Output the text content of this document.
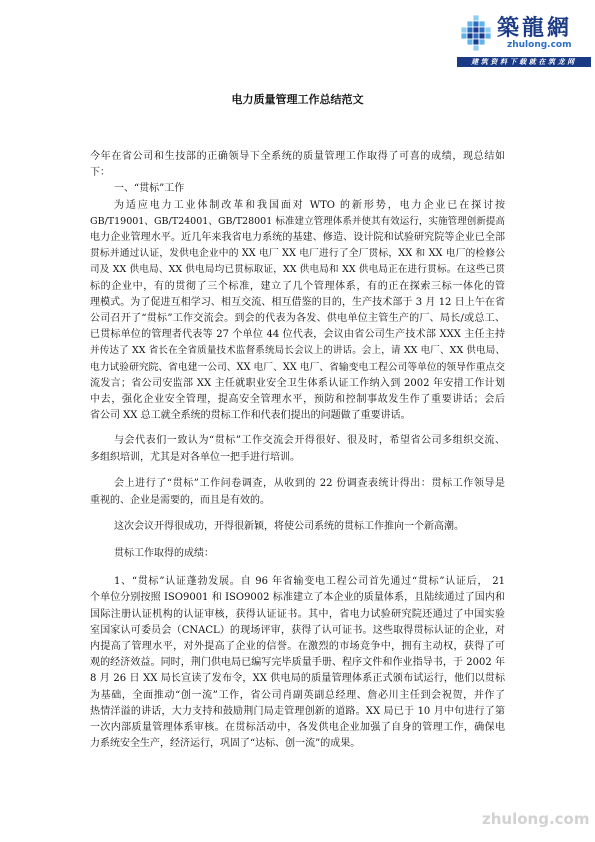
築龍網
zhulong.com
建筑资料下载就在筑龙网
电力质量管理工作总结范文
今年在省公司和生技部的正确领导下全系统的质量管理工作取得了可喜的成绩，现总结如
下：
一、“贯标”工作
为适应电力工业体制改革和我国面对 WTO 的新形势，电力企业已在探讨按
GB/T19001、GB/T24001、GB/T28001 标准建立管理体系并使其有效运行，实施管理创新提高
电力企业管理水平。近几年来我省电力系统的基建、修造、设计院和试验研究院等企业已全部
贯标并通过认证，发供电企业中的 XX 电厂 XX 电厂进行了全厂贯标，XX 和 XX 电厂的检修公
司及 XX 供电局、XX 供电局均已贯标取证，XX 供电局和 XX 供电局正在进行贯标。在这些已贯
标的企业中，有的贯彻了三个标准，建立了几个管理体系，有的正在探索三标一体化的管
理模式。为了促进互相学习、相互交流、相互借鉴的目的，生产技术部于 3 月 12 日上午在省
公司召开了“贯标”工作交流会。到会的代表为各发、供电单位主管生产的厂、局长/或总工、
已贯标单位的管理者代表等 27 个单位 44 位代表，会议由省公司生产技术部 XXX 主任主持
并传达了 XX 省长在全省质量技术监督系统局长会议上的讲话。会上，请 XX 电厂、XX 供电局、
电力试验研究院、省电建一公司、XX 电厂、XX 电厂、省输变电工程公司等单位的领导作重点交
流发言；省公司安监部 XX 主任就职业安全卫生体系认证工作纳入到 2002 年安措工作计划
中去，强化企业安全管理，提高安全管理水平，预防和控制事故发生作了重要讲话；会后
省公司 XX 总工就全系统的贯标工作和代表们提出的问题做了重要讲话。
与会代表们一致认为“贯标”工作交流会开得很好、很及时，希望省公司多组织交流、
多组织培训，尤其是对各单位一把手进行培训。
会上进行了“贯标”工作问卷调查，从收到的 22 份调查表统计得出：贯标工作领导是
重视的、企业是需要的，而且是有效的。
这次会议开得很成功，开得很新颖，将使公司系统的贯标工作推向一个新高潮。
贯标工作取得的成绩：
1、“贯标”认证蓬勃发展。自 96 年省输变电工程公司首先通过“贯标”认证后， 21
个单位分别按照 ISO9001 和 ISO9002 标准建立了本企业的质量体系，且陆续通过了国内和
国际注册认证机构的认证审核，获得认证证书。其中，省电力试验研究院还通过了中国实验
室国家认可委员会（CNACL）的现场评审，获得了认可证书。这些取得贯标认证的企业，对
内提高了管理水平，对外提高了企业的信誉。在激烈的市场竞争中，拥有主动权，获得了可
观的经济效益。同时，荆门供电局已编写完毕质量手册、程序文件和作业指导书，于 2002 年
8 月 26 日 XX 局长宣读了发布令，XX 供电局的质量管理体系正式颁布试运行，他们以贯标
为基础，全面推动“创一流”工作，省公司肖副英副总经理、詹必川主任到会祝贺，并作了
热情洋溢的讲话，大力支持和鼓励荆门局走管理创新的道路。XX 局已于 10 月中旬进行了第
一次内部质量管理体系审核。在贯标活动中，各发供电企业加强了自身的管理工作，确保电
力系统安全生产，经济运行，巩固了“达标、创一流”的成果。
zhulong.com
